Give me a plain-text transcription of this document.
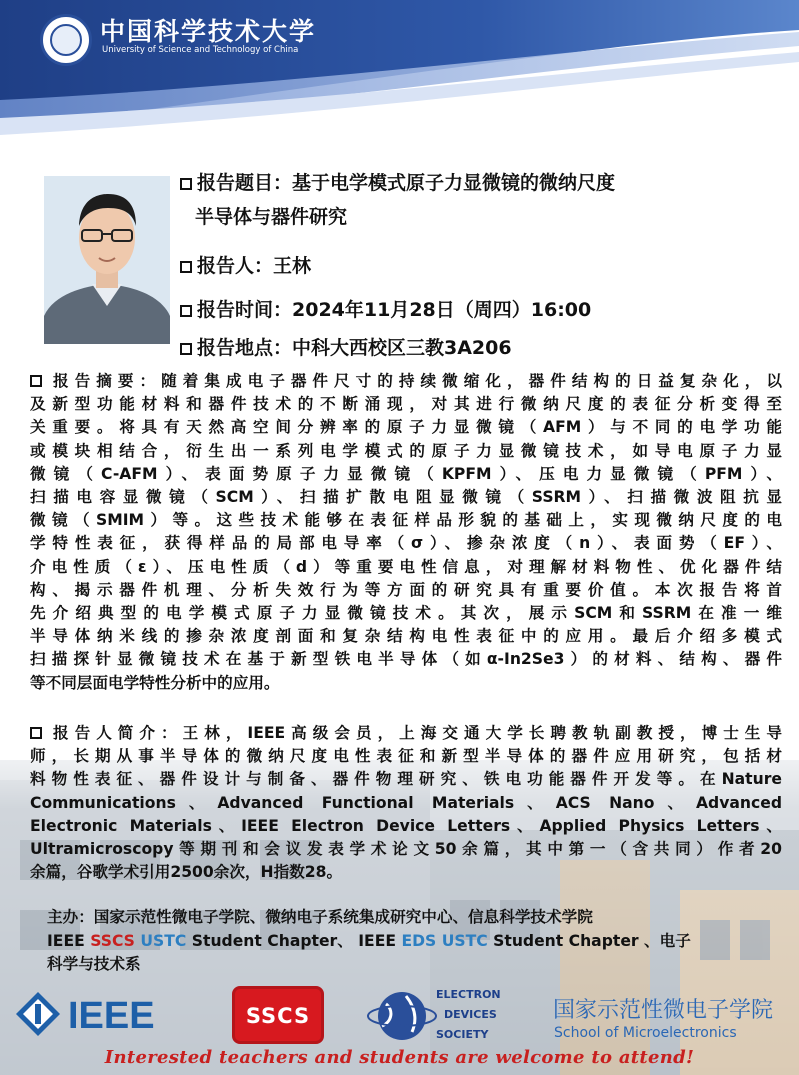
中国科学技术大学
University of Science and Technology of China
报告题目：基于电学模式原子力显微镜的微纳尺度
半导体与器件研究
报告人：王林
报告时间：2024年11月28日（周四）16:00
报告地点：中科大西校区三教3A206
报告摘要：随着集成电子器件尺寸的持续微缩化，器件结构的日益复杂化，以
及新型功能材料和器件技术的不断涌现，对其进行微纳尺度的表征分析变得至
关重要。将具有天然高空间分辨率的原子力显微镜（AFM）与不同的电学功能
或模块相结合，衍生出一系列电学模式的原子力显微镜技术，如导电原子力显
微镜（C-AFM）、表面势原子力显微镜（KPFM）、压电力显微镜（PFM）、
扫描电容显微镜（SCM）、扫描扩散电阻显微镜（SSRM）、扫描微波阻抗显
微镜（SMIM）等。这些技术能够在表征样品形貌的基础上，实现微纳尺度的电
学特性表征，获得样品的局部电导率（σ）、掺杂浓度（n）、表面势（EF）、
介电性质（ε）、压电性质（d）等重要电性信息，对理解材料物性、优化器件结
构、揭示器件机理、分析失效行为等方面的研究具有重要价值。本次报告将首
先介绍典型的电学模式原子力显微镜技术。其次，展示SCM和SSRM在准一维
半导体纳米线的掺杂浓度剖面和复杂结构电性表征中的应用。最后介绍多模式
扫描探针显微镜技术在基于新型铁电半导体（如α-In2Se3）的材料、结构、器件
等不同层面电学特性分析中的应用。
报告人简介：王林，IEEE高级会员，上海交通大学长聘教轨副教授，博士生导
师，长期从事半导体的微纳尺度电性表征和新型半导体的器件应用研究，包括材
料物性表征、器件设计与制备、器件物理研究、铁电功能器件开发等。在Nature
Communications、Advanced Functional Materials、ACS Nano、Advanced
Electronic Materials、IEEE Electron Device Letters、Applied Physics Letters、
Ultramicroscopy等期刊和会议发表学术论文50余篇，其中第一（含共同）作者20
余篇，谷歌学术引用2500余次，H指数28。
主办：国家示范性微电子学院、微纳电子系统集成研究中心、信息科学技术学院
IEEE SSCS USTC Student Chapter、 IEEE EDS USTC Student Chapter 、电子
科学与技术系
IEEE	SSCS
ELECTRON
DEVICES
SOCIETY
国家示范性微电子学院
School of Microelectronics
Interested teachers and students are welcome to attend!
